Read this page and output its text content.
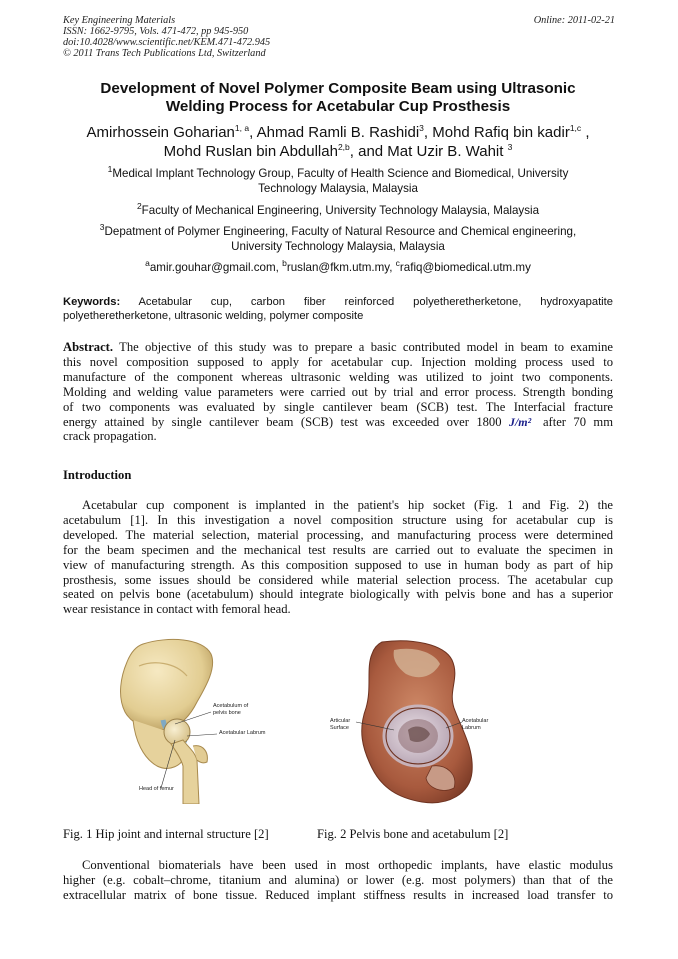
Key Engineering Materials
ISSN: 1662-9795, Vols. 471-472, pp 945-950
doi:10.4028/www.scientific.net/KEM.471-472.945
© 2011 Trans Tech Publications Ltd, Switzerland
Online: 2011-02-21
Development of Novel Polymer Composite Beam using Ultrasonic
Welding Process for Acetabular Cup Prosthesis
Amirhossein Goharian$^{1, a}$, Ahmad Ramli B. Rashidi$^3$, Mohd Rafiq bin kadir$^{1,c}$ ,
Mohd Ruslan bin Abdullah$^{2,b}$, and Mat Uzir B. Wahit $^3$
$^1$Medical Implant Technology Group, Faculty of Health Science and Biomedical, University
Technology Malaysia, Malaysia
$^2$Faculty of Mechanical Engineering, University Technology Malaysia, Malaysia
$^3$Depatment of Polymer Engineering, Faculty of Natural Resource and Chemical engineering,
University Technology Malaysia, Malaysia
$^a$amir.gouhar@gmail.com, $^b$ruslan@fkm.utm.my, $^c$rafiq@biomedical.utm.my
Keywords: Acetabular cup, carbon fiber reinforced polyetheretherketone, hydroxyapatite
polyetheretherketone, ultrasonic welding, polymer composite
Abstract. The objective of this study was to prepare a basic contributed model in beam to examine
this novel composition supposed to apply for acetabular cup. Injection molding process used to
manufacture of the component whereas ultrasonic welding was utilized to joint two components.
Molding and welding value parameters were carried out by trial and error process. Strength bonding
of two components was evaluated by single cantilever beam (SCB) test. The Interfacial fracture
energy attained by single cantilever beam (SCB) test was exceeded over 1800 J/m² after 70 mm
crack propagation.
Introduction
Acetabular cup component is implanted in the patient's hip socket (Fig. 1 and Fig. 2) the
acetabulum [1]. In this investigation a novel composition structure using for acetabular cup is
developed. The material selection, material processing, and manufacturing process were determined
for the beam specimen and the mechanical test results are carried out to evaluate the specimen in
view of manufacturing strength. As this composition supposed to use in human body as part of hip
prosthesis, some issues should be considered while material selection process. The acetabular cup
seated on pelvis bone (acetabulum) should integrate biologically with pelvis bone and has a superior
wear resistance in contact with femoral head.
Acetabulum of
pelvis bone
Acetabular Labrum
Head of femur
Articular
Surface
Acetabular
Labrum
Fig. 1 Hip joint and internal structure [2]	Fig. 2 Pelvis bone and acetabulum [2]
Conventional biomaterials have been used in most orthopedic implants, have elastic modulus
higher (e.g. cobalt–chrome, titanium and alumina) or lower (e.g. most polymers) than that of the
extracellular matrix of bone tissue. Reduced implant stiffness results in increased load transfer to
